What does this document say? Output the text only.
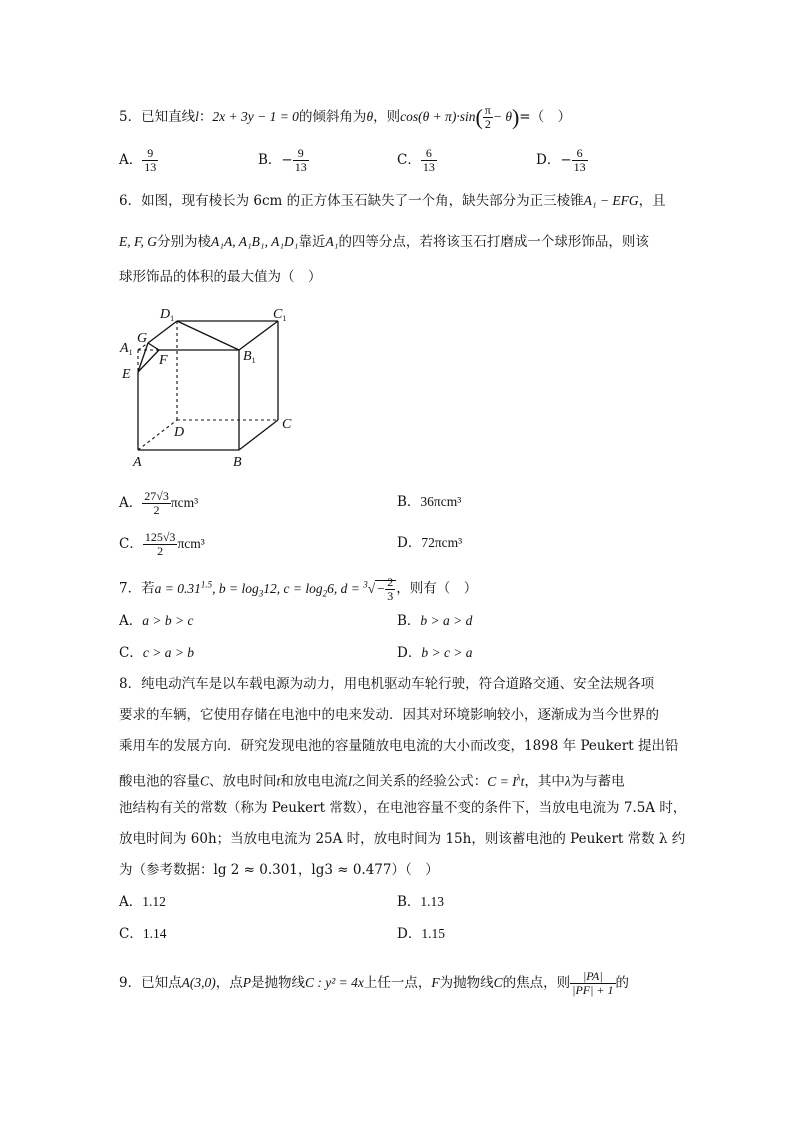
5．已知直线l：2x + 3y − 1 = 0的倾斜角为θ，则$\cos(\theta + \pi)\cdot\sin( \frac{\pi}{2} - \theta)=$（　）
A． $\frac{9}{13}$	B．− $\frac{9}{13}$	C． $\frac{6}{13}$	D．− $\frac{6}{13}$
6．如图，现有棱长为 6cm 的正方体玉石缺失了一个角，缺失部分为正三棱锥A₁ − EFG，且
E, F, G分别为棱A₁A, A₁B₁, A₁D₁靠近A₁的四等分点，若将该玉石打磨成一个球形饰品，则该
球形饰品的体积的最大值为（　）
$D_1$	$C_1$
$A_1$	$B_1$
G
F
E
D
C
A	B
A． $\frac{27√3}{2} \pi cm^3$	B．36πcm³
C． $\frac{125√3}{2} \pi cm^3$	D．72πcm³
7．若$a = 0.31^{1.5}$, $b = \log_312$, $c = \log_26$, $d = ^3√- \frac{2}{3}$ ，则有（　）
A．a > b > c	B．b > a > d
C．c > a > b	D．b > c > a
8．纯电动汽车是以车载电源为动力，用电机驱动车轮行驶，符合道路交通、安全法规各项
要求的车辆，它使用存储在电池中的电来发动．因其对环境影响较小，逐渐成为当今世界的
乘用车的发展方向．研究发现电池的容量随放电电流的大小而改变，1898 年 Peukert 提出铅
酸电池的容量C、放电时间t和放电电流I之间关系的经验公式：$C = I^\lambda t$，其中λ为与蓄电
池结构有关的常数（称为 Peukert 常数），在电池容量不变的条件下，当放电电流为 7.5A 时，
放电时间为 60h；当放电电流为 25A 时，放电时间为 15h，则该蓄电池的 Peukert 常数 λ 约
为（参考数据：lg 2 ≈ 0.301，lg3 ≈ 0.477）（　）
A．1.12	B．1.13
C．1.14	D．1.15
9．已知点A(3,0)，点P是抛物线C : y² = 4x上任一点，F为抛物线C的焦点，则 $\frac{|PA|}{|PF| + 1}$ 的
